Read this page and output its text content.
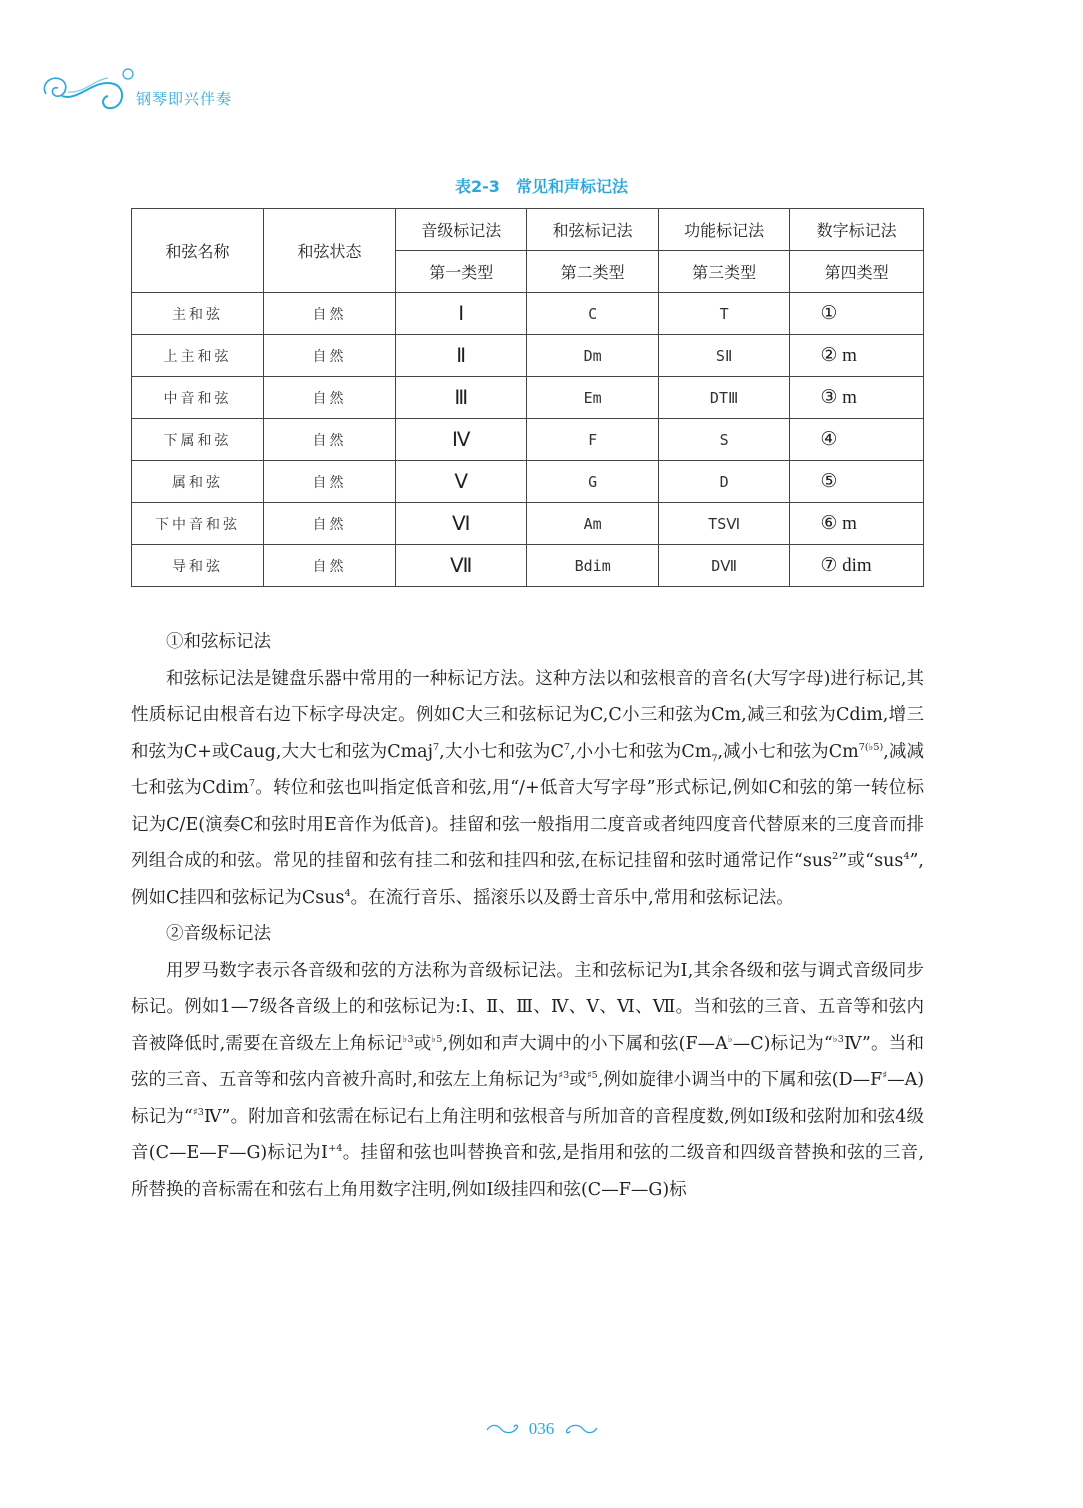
钢琴即兴伴奏
表2-3 常见和声标记法
和弦名称	和弦状态	音级标记法	和弦标记法	功能标记法	数字标记法
		第一类型	第二类型	第三类型	第四类型
主和弦	自然	Ⅰ	C	T	①
上主和弦	自然	Ⅱ	Dm	SⅡ	② m
中音和弦	自然	Ⅲ	Em	DTⅢ	③ m
下属和弦	自然	Ⅳ	F	S	④
属和弦	自然	Ⅴ	G	D	⑤
下中音和弦	自然	Ⅵ	Am	TSⅥ	⑥ m
导和弦	自然	Ⅶ	Bdim	DⅦ	⑦ dim

①和弦标记法

和弦标记法是键盘乐器中常用的一种标记方法。这种方法以和弦根音的音名(大写字母)进行标记,其性质标记由根音右边下标字母决定。例如C大三和弦标记为C,C小三和弦为Cm,减三和弦为Cdim,增三和弦为C+或Caug,大大七和弦为Cmaj$^7$,大小七和弦为$C^7$,小小七和弦为$Cm_7$,减小七和弦为$Cm^{7(♭5)}$,减减七和弦为Cdim$^7$。转位和弦也叫指定低音和弦,用“/+低音大写字母”形式标记,例如C和弦的第一转位标记为C/E(演奏C和弦时用E音作为低音)。挂留和弦一般指用二度音或者纯四度音代替原来的三度音而排列组合成的和弦。常见的挂留和弦有挂二和弦和挂四和弦,在标记挂留和弦时通常记作“sus$^2$”或“sus$^4$”,例如C挂四和弦标记为Csus$^4$。在流行音乐、摇滚乐以及爵士音乐中,常用和弦标记法。

②音级标记法

用罗马数字表示各音级和弦的方法称为音级标记法。主和弦标记为Ⅰ,其余各级和弦与调式音级同步标记。例如1—7级各音级上的和弦标记为:Ⅰ、Ⅱ、Ⅲ、Ⅳ、Ⅴ、Ⅵ、Ⅶ。当和弦的三音、五音等和弦内音被降低时,需要在音级左上角标记$^{♭3}$或$^{♭5}$,例如和声大调中的小下属和弦(F—A♭—C)标记为“$^{♭3}$Ⅳ”。当和弦的三音、五音等和弦内音被升高时,和弦左上角标记为$^{♯3}$或$^{♯5}$,例如旋律小调当中的下属和弦(D—F♯—A)标记为“$^{♯3}$Ⅳ”。附加音和弦需在标记右上角注明和弦根音与所加音的音程度数,例如Ⅰ级和弦附加和弦4级音(C—E—F—G)标记为Ⅰ$^{+4}$。挂留和弦也叫替换音和弦,是指用和弦的二级音和四级音替换和弦的三音,所替换的音标需在和弦右上角用数字注明,例如Ⅰ级挂四和弦(C—F—G)标

036
